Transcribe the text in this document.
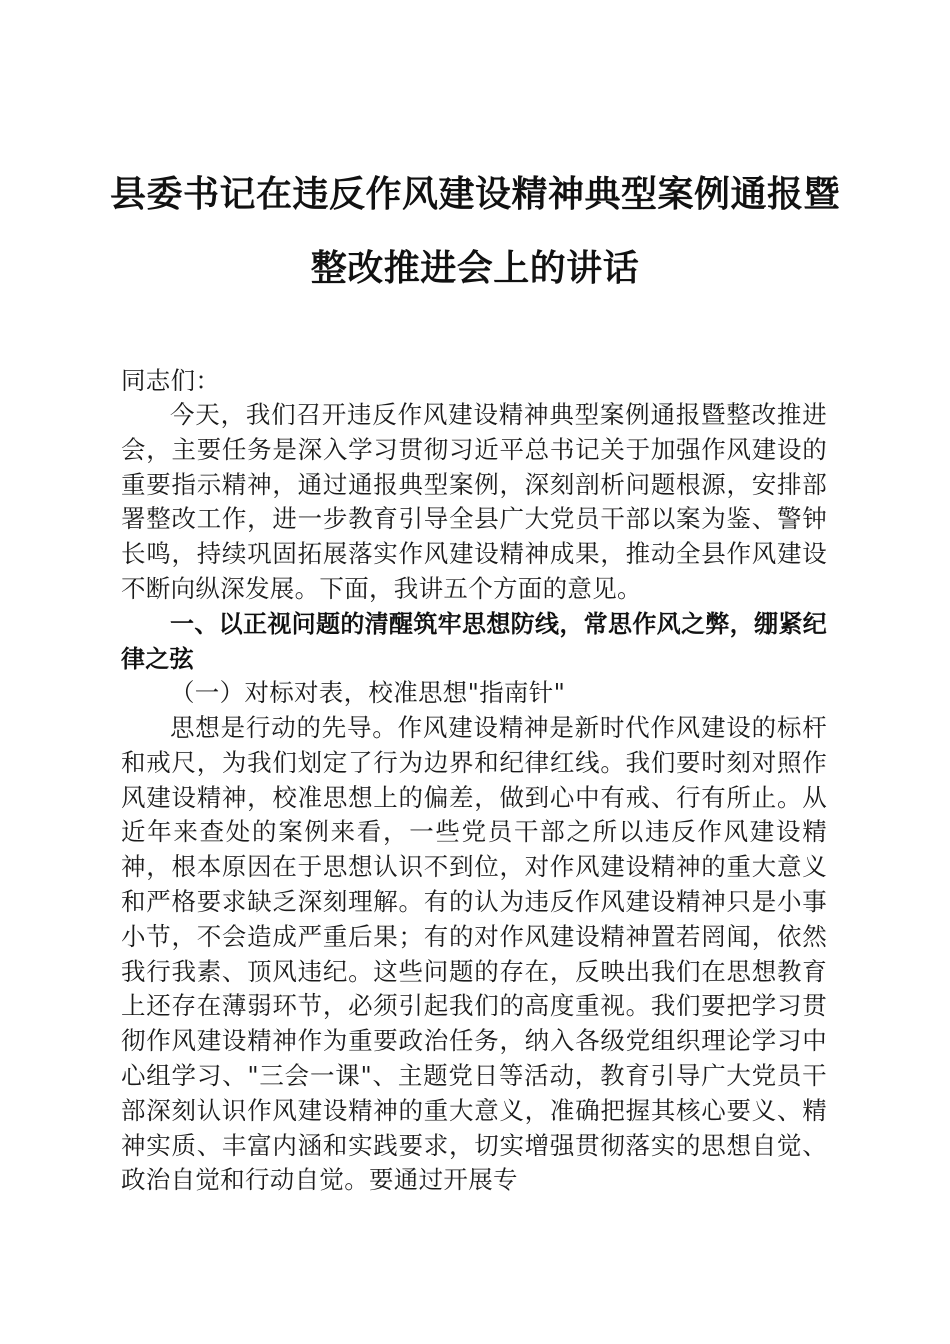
县委书记在违反作风建设精神典型案例通报暨
整改推进会上的讲话

同志们：

今天，我们召开违反作风建设精神典型案例通报暨整改推进会，主要任务是深入学习贯彻习近平总书记关于加强作风建设的重要指示精神，通过通报典型案例，深刻剖析问题根源，安排部署整改工作，进一步教育引导全县广大党员干部以案为鉴、警钟长鸣，持续巩固拓展落实作风建设精神成果，推动全县作风建设不断向纵深发展。下面，我讲五个方面的意见。

一、以正视问题的清醒筑牢思想防线，常思作风之弊，绷紧纪律之弦

（一）对标对表，校准思想"指南针"

思想是行动的先导。作风建设精神是新时代作风建设的标杆和戒尺，为我们划定了行为边界和纪律红线。我们要时刻对照作风建设精神，校准思想上的偏差，做到心中有戒、行有所止。从近年来查处的案例来看，一些党员干部之所以违反作风建设精神，根本原因在于思想认识不到位，对作风建设精神的重大意义和严格要求缺乏深刻理解。有的认为违反作风建设精神只是小事小节，不会造成严重后果；有的对作风建设精神置若罔闻，依然我行我素、顶风违纪。这些问题的存在，反映出我们在思想教育上还存在薄弱环节，必须引起我们的高度重视。我们要把学习贯彻作风建设精神作为重要政治任务，纳入各级党组织理论学习中心组学习、"三会一课"、主题党日等活动，教育引导广大党员干部深刻认识作风建设精神的重大意义，准确把握其核心要义、精神实质、丰富内涵和实践要求，切实增强贯彻落实的思想自觉、政治自觉和行动自觉。要通过开展专
